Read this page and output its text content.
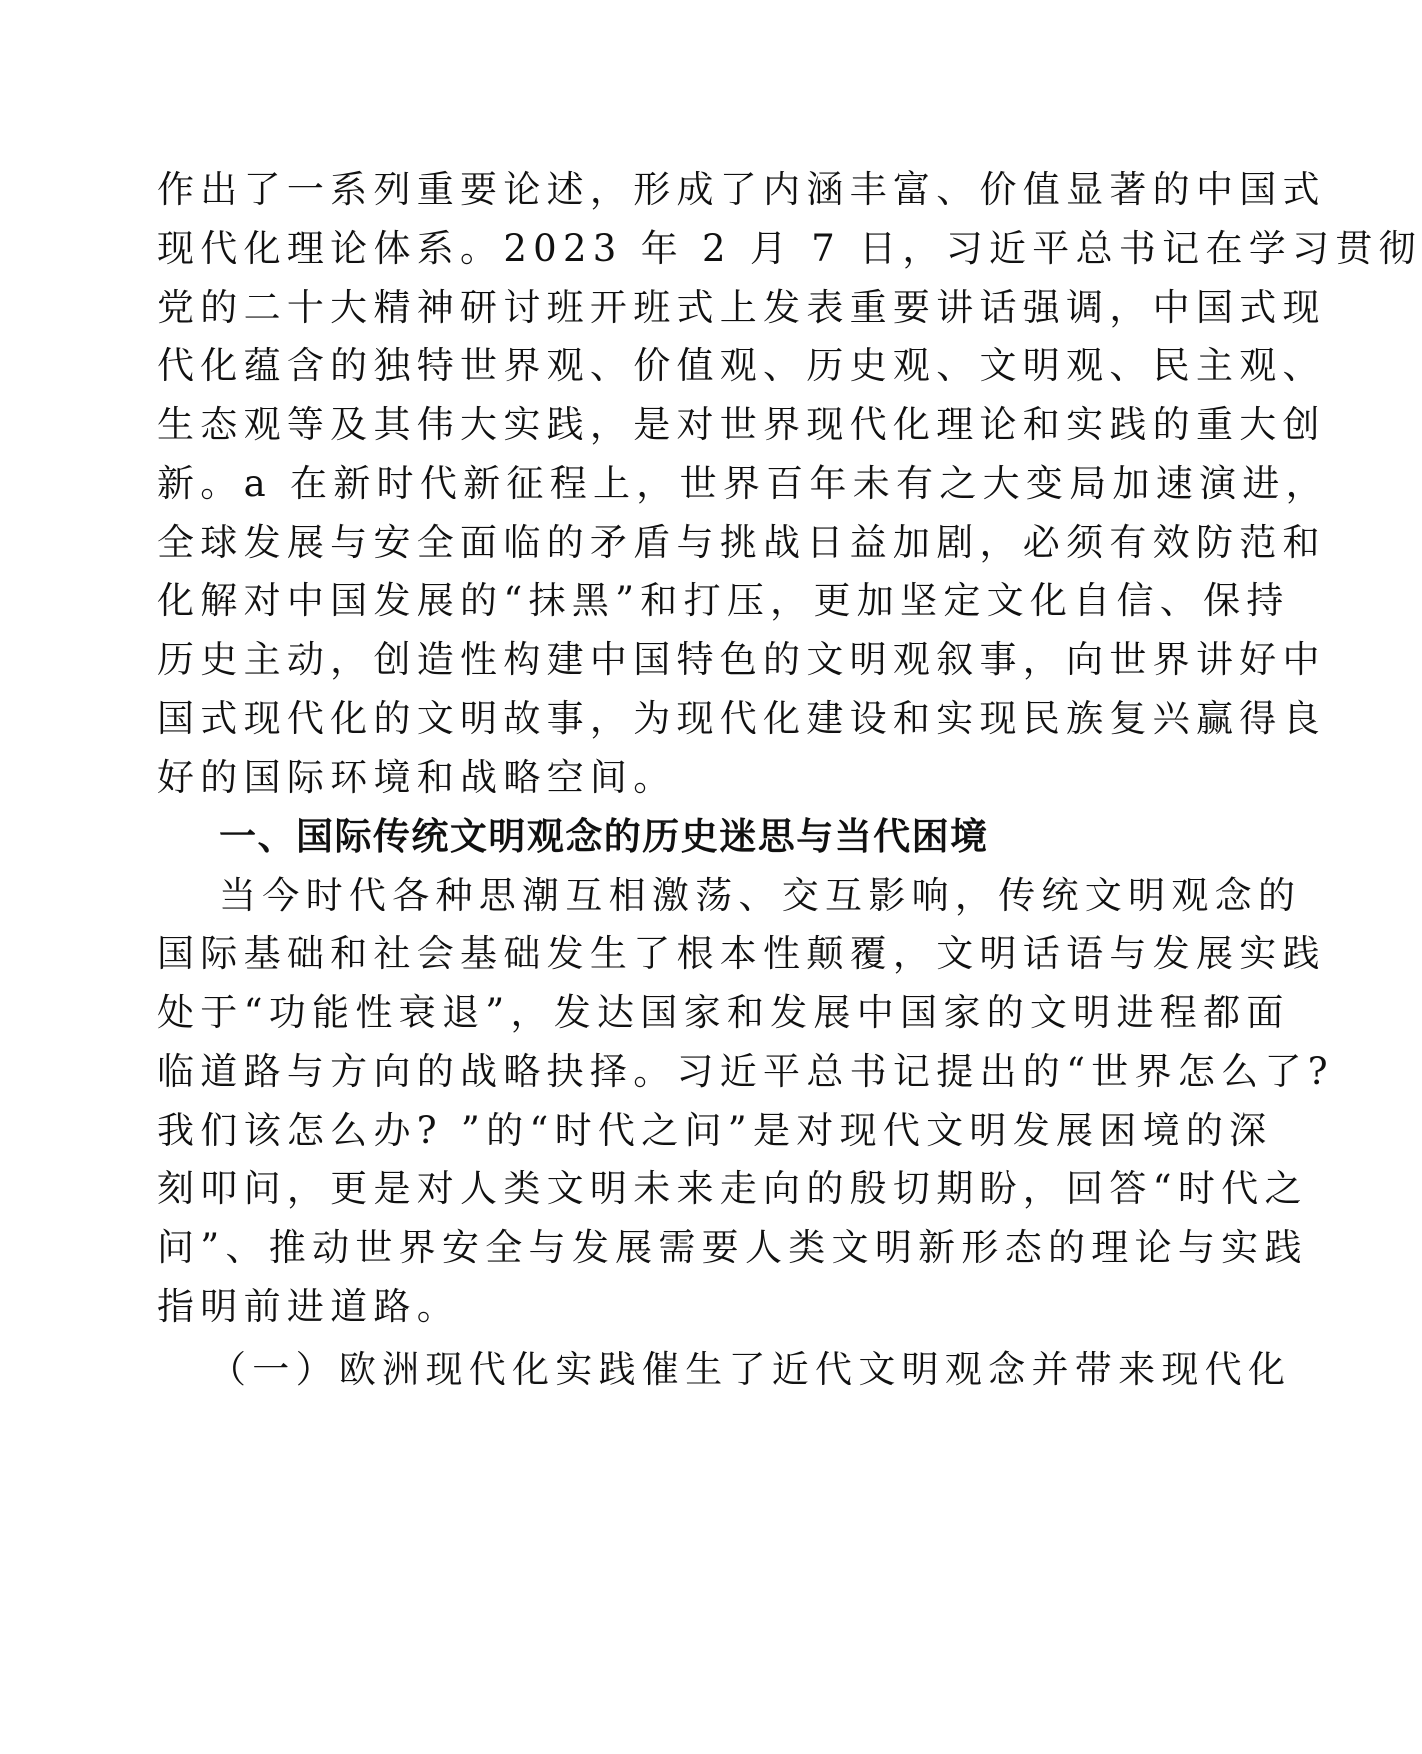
作出了一系列重要论述，形成了内涵丰富、价值显著的中国式
现代化理论体系。2023 年 2 月 7 日，习近平总书记在学习贯彻
党的二十大精神研讨班开班式上发表重要讲话强调，中国式现
代化蕴含的独特世界观、价值观、历史观、文明观、民主观、
生态观等及其伟大实践，是对世界现代化理论和实践的重大创
新。a 在新时代新征程上，世界百年未有之大变局加速演进，
全球发展与安全面临的矛盾与挑战日益加剧，必须有效防范和
化解对中国发展的“抹黑”和打压，更加坚定文化自信、保持
历史主动，创造性构建中国特色的文明观叙事，向世界讲好中
国式现代化的文明故事，为现代化建设和实现民族复兴赢得良
好的国际环境和战略空间。
一、国际传统文明观念的历史迷思与当代困境
当今时代各种思潮互相激荡、交互影响，传统文明观念的
国际基础和社会基础发生了根本性颠覆，文明话语与发展实践
处于“功能性衰退”，发达国家和发展中国家的文明进程都面
临道路与方向的战略抉择。习近平总书记提出的“世界怎么了?
我们该怎么办? ”的“时代之问”是对现代文明发展困境的深
刻叩问，更是对人类文明未来走向的殷切期盼，回答“时代之
问”、推动世界安全与发展需要人类文明新形态的理论与实践
指明前进道路。
（一）欧洲现代化实践催生了近代文明观念并带来现代化
